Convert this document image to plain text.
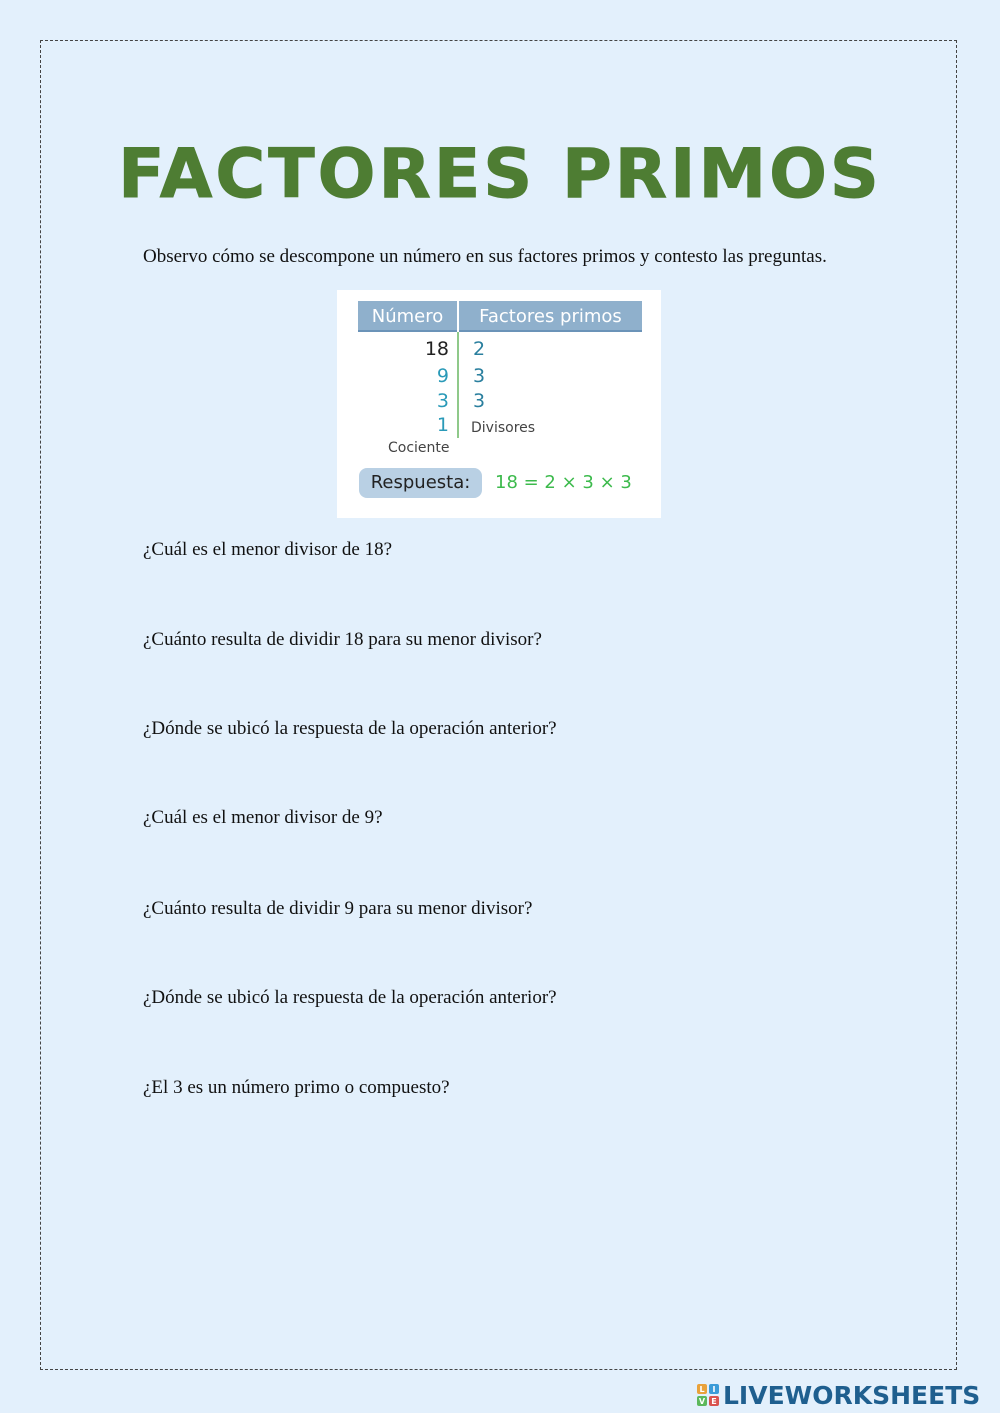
FACTORES PRIMOS
Observo cómo se descompone un número en sus factores primos y contesto las preguntas.
Número	Factores primos
18
9
3
1
2
3
3
Divisores
Cociente
Respuesta:	18 = 2 × 3 × 3
¿Cuál es el menor divisor de 18?
¿Cuánto resulta de dividir 18 para su menor divisor?
¿Dónde se ubicó la respuesta de la operación anterior?
¿Cuál es el menor divisor de 9?
¿Cuánto resulta de dividir 9 para su menor divisor?
¿Dónde se ubicó la respuesta de la operación anterior?
¿El 3 es un número primo o compuesto?
L I
V E LIVEWORKSHEETS
